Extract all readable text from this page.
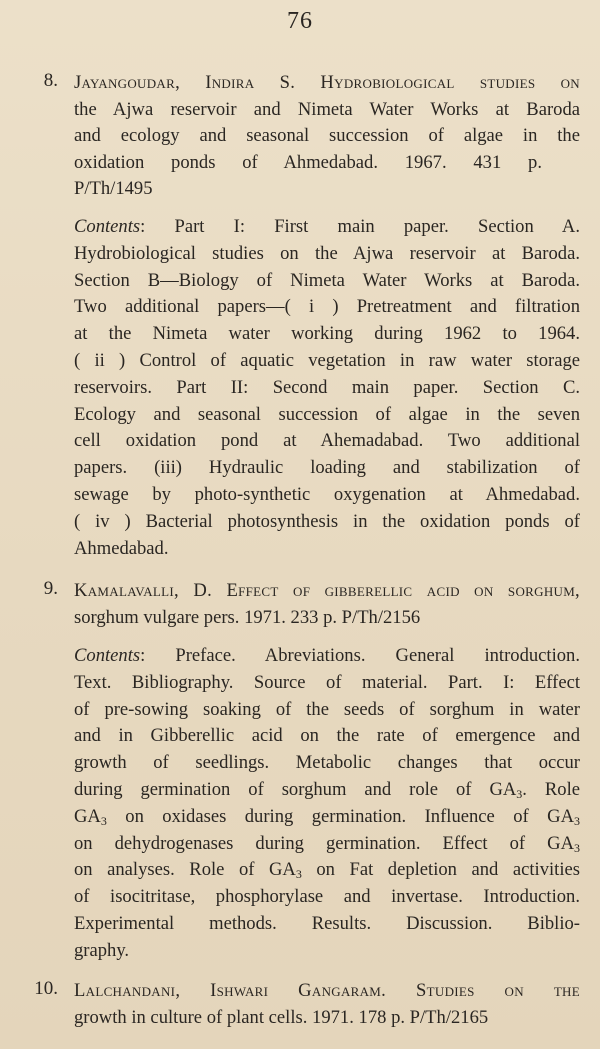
76
8. Jayangoudar, Indira S. Hydrobiological studies on
the Ajwa reservoir and Nimeta Water Works at Baroda
and ecology and seasonal succession of algae in the
oxidation ponds of Ahmedabad. 1967. 431 p.
P/Th/1495
Contents: Part I: First main paper. Section A.
Hydrobiological studies on the Ajwa reservoir at Baroda.
Section B—Biology of Nimeta Water Works at Baroda.
Two additional papers—( i ) Pretreatment and filtration
at the Nimeta water working during 1962 to 1964.
( ii ) Control of aquatic vegetation in raw water storage
reservoirs. Part II: Second main paper. Section C.
Ecology and seasonal succession of algae in the seven
cell oxidation pond at Ahemadabad. Two additional
papers. (iii) Hydraulic loading and stabilization of
sewage by photo-synthetic oxygenation at Ahmedabad.
( iv ) Bacterial photosynthesis in the oxidation ponds of
Ahmedabad.
9. Kamalavalli, D. Effect of gibberellic acid on sorghum,
sorghum vulgare pers. 1971. 233 p. P/Th/2156
Contents: Preface. Abreviations. General introduction.
Text. Bibliography. Source of material. Part. I: Effect
of pre-sowing soaking of the seeds of sorghum in water
and in Gibberellic acid on the rate of emergence and
growth of seedlings. Metabolic changes that occur
during germination of sorghum and role of $GA_3$. Role
$GA_3$ on oxidases during germination. Influence of $GA_3$
on dehydrogenases during germination. Effect of $GA_3$
on analyses. Role of $GA_3$ on Fat depletion and activities
of isocitritase, phosphorylase and invertase. Introduction.
Experimental methods. Results. Discussion. Biblio-
graphy.
10. Lalchandani, Ishwari Gangaram. Studies on the
growth in culture of plant cells. 1971. 178 p. P/Th/2165
